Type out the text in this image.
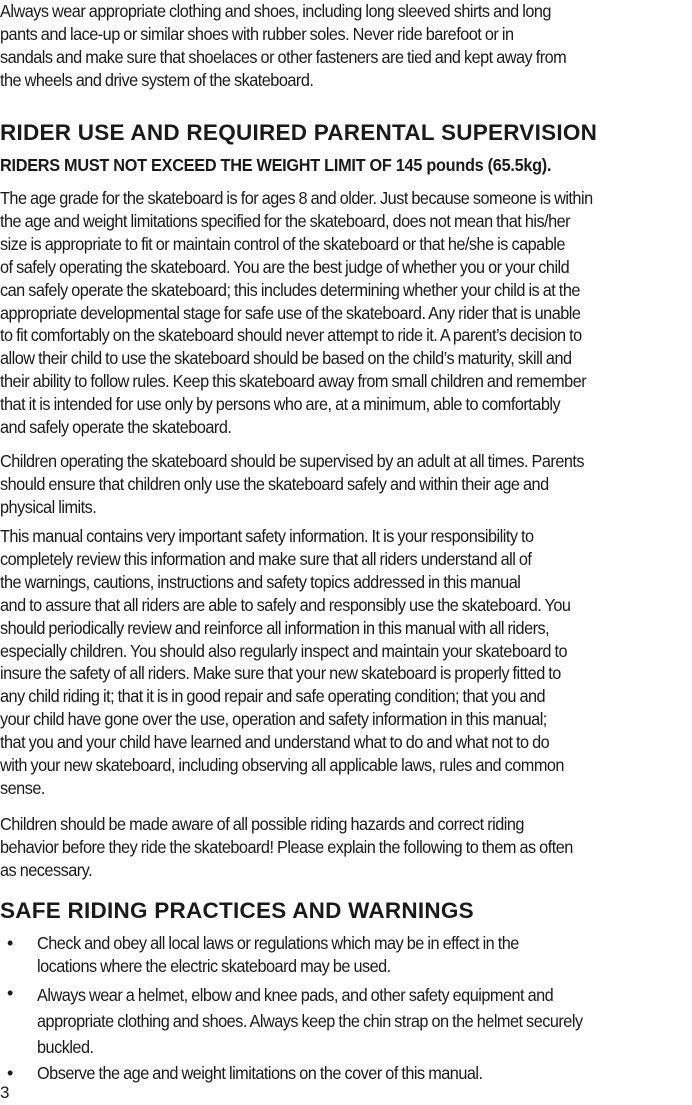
Always wear appropriate clothing and shoes, including long sleeved shirts and long
pants and lace-up or similar shoes with rubber soles. Never ride barefoot or in
sandals and make sure that shoelaces or other fasteners are tied and kept away from
the wheels and drive system of the skateboard.
RIDER USE AND REQUIRED PARENTAL SUPERVISION
RIDERS MUST NOT EXCEED THE WEIGHT LIMIT OF 145 pounds (65.5kg).
The age grade for the skateboard is for ages 8 and older. Just because someone is within
the age and weight limitations specified for the skateboard, does not mean that his/her
size is appropriate to fit or maintain control of the skateboard or that he/she is capable
of safely operating the skateboard. You are the best judge of whether you or your child
can safely operate the skateboard; this includes determining whether your child is at the
appropriate developmental stage for safe use of the skateboard. Any rider that is unable
to fit comfortably on the skateboard should never attempt to ride it. A parent’s decision to
allow their child to use the skateboard should be based on the child’s maturity, skill and
their ability to follow rules. Keep this skateboard away from small children and remember
that it is intended for use only by persons who are, at a minimum, able to comfortably
and safely operate the skateboard.
Children operating the skateboard should be supervised by an adult at all times. Parents
should ensure that children only use the skateboard safely and within their age and
physical limits.
This manual contains very important safety information. It is your responsibility to
completely review this information and make sure that all riders understand all of
the warnings, cautions, instructions and safety topics addressed in this manual
and to assure that all riders are able to safely and responsibly use the skateboard. You
should periodically review and reinforce all information in this manual with all riders,
especially children. You should also regularly inspect and maintain your skateboard to
insure the safety of all riders. Make sure that your new skateboard is properly fitted to
any child riding it; that it is in good repair and safe operating condition; that you and
your child have gone over the use, operation and safety information in this manual;
that you and your child have learned and understand what to do and what not to do
with your new skateboard, including observing all applicable laws, rules and common
sense.
Children should be made aware of all possible riding hazards and correct riding
behavior before they ride the skateboard! Please explain the following to them as often
as necessary.
SAFE RIDING PRACTICES AND WARNINGS
• Check and obey all local laws or regulations which may be in effect in the
locations where the electric skateboard may be used.
• Always wear a helmet, elbow and knee pads, and other safety equipment and
appropriate clothing and shoes. Always keep the chin strap on the helmet securely
buckled.
• Observe the age and weight limitations on the cover of this manual.
3
